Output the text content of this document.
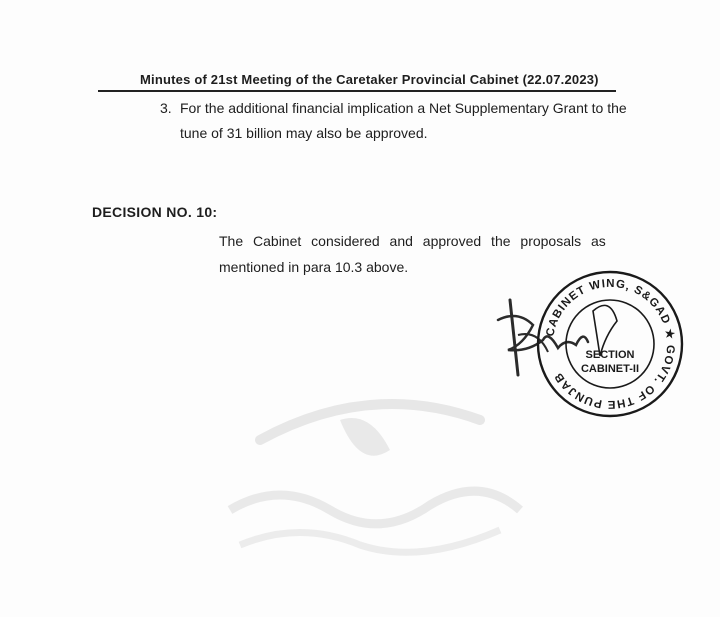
Minutes of 21st Meeting of the Caretaker Provincial Cabinet (22.07.2023)
3. For the additional financial implication a Net Supplementary Grant to the
tune of 31 billion may also be approved.
DECISION NO. 10:
The Cabinet considered and approved the proposals as
mentioned in para 10.3 above.
CABINET WING, S&GAD ★ GOVT. OF THE PUNJAB
SECTION
CABINET-II
